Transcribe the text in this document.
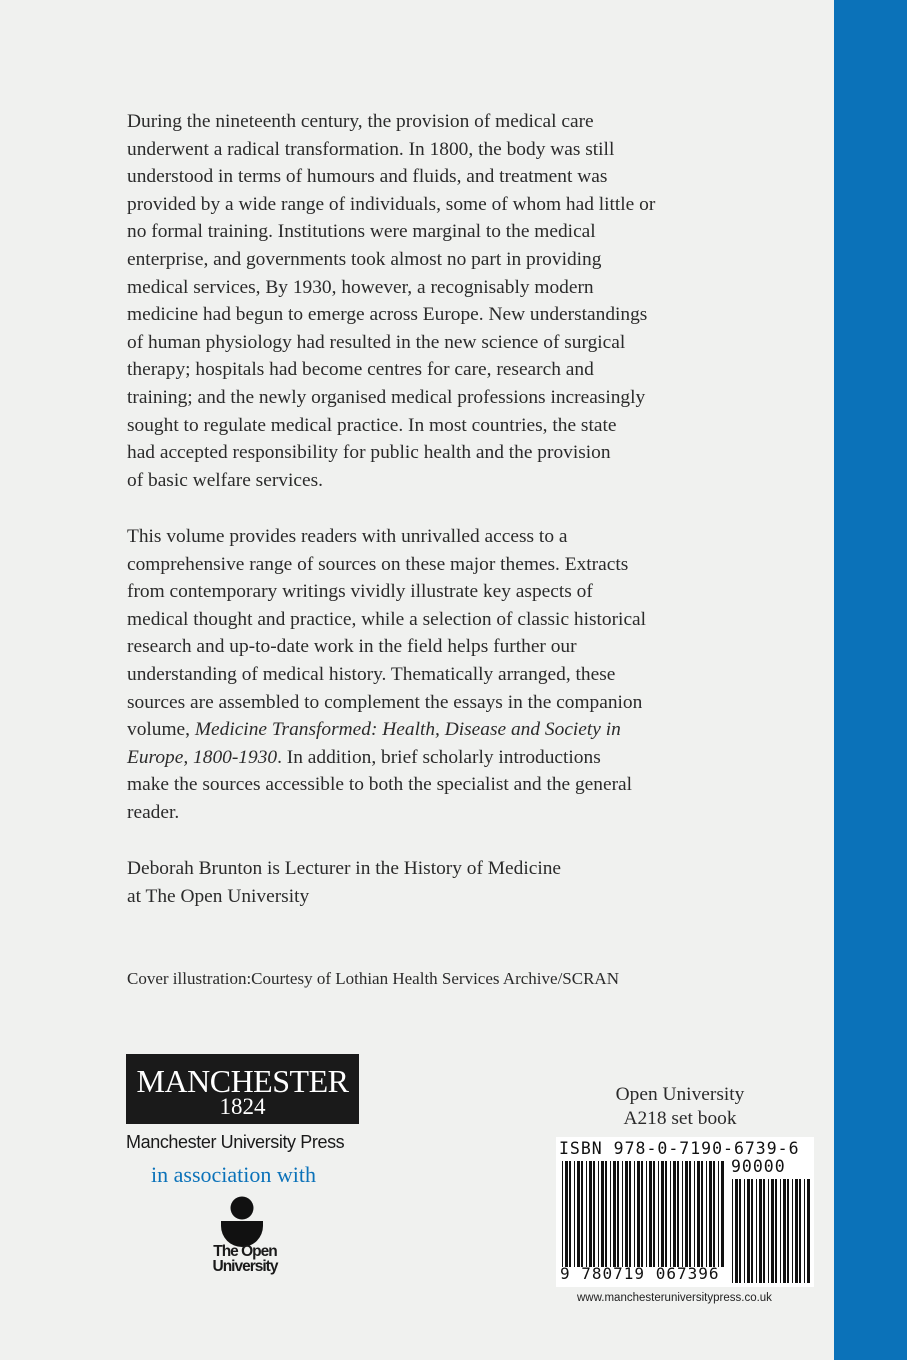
During the nineteenth century, the provision of medical care
underwent a radical transformation. In 1800, the body was still
understood in terms of humours and fluids, and treatment was
provided by a wide range of individuals, some of whom had little or
no formal training. Institutions were marginal to the medical
enterprise, and governments took almost no part in providing
medical services, By 1930, however, a recognisably modern
medicine had begun to emerge across Europe. New understandings
of human physiology had resulted in the new science of surgical
therapy; hospitals had become centres for care, research and
training; and the newly organised medical professions increasingly
sought to regulate medical practice. In most countries, the state
had accepted responsibility for public health and the provision
of basic welfare services.

This volume provides readers with unrivalled access to a
comprehensive range of sources on these major themes. Extracts
from contemporary writings vividly illustrate key aspects of
medical thought and practice, while a selection of classic historical
research and up-to-date work in the field helps further our
understanding of medical history. Thematically arranged, these
sources are assembled to complement the essays in the companion
volume, Medicine Transformed: Health, Disease and Society in
Europe, 1800-1930. In addition, brief scholarly introductions
make the sources accessible to both the specialist and the general
reader.

Deborah Brunton is Lecturer in the History of Medicine
at The Open University

Cover illustration:Courtesy of Lothian Health Services Archive/SCRAN
MANCHESTER
1824
Manchester University Press
in association with
The Open
University
Open University
A218 set book
ISBN 978-0-7190-6739-6
90000
9 780719 067396
www.manchesteruniversitypress.co.uk
